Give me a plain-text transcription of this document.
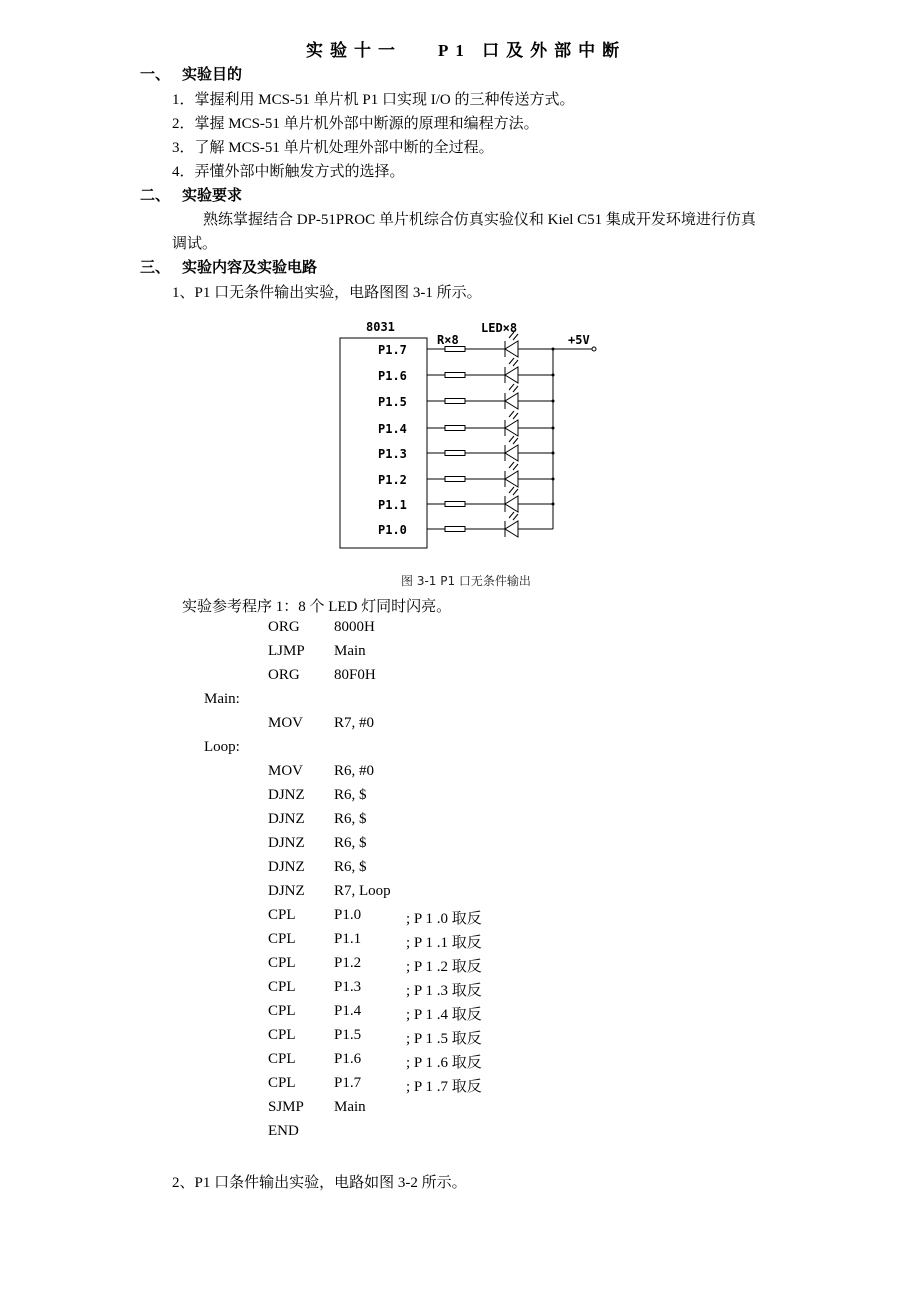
实验十一 P1 口及外部中断
一、 实验目的
1．掌握利用 MCS-51 单片机 P1 口实现 I/O 的三种传送方式。
2．掌握 MCS-51 单片机外部中断源的原理和编程方法。
3．了解 MCS-51 单片机处理外部中断的全过程。
4．弄懂外部中断触发方式的选择。
二、 实验要求
熟练掌握结合 DP-51PROC 单片机综合仿真实验仪和 Kiel C51 集成开发环境进行仿真
调试。
三、 实验内容及实验电路
1、P1 口无条件输出实验，电路图图 3-1 所示。
8031
R×8
LED×8
+5V
P1.7
P1.6
P1.5
P1.4
P1.3
P1.2
P1.1
P1.0
图 3-1 P1 口无条件输出
实验参考程序 1：8 个 LED 灯同时闪亮。
ORG 8000H
LJMP Main
ORG 80F0H
Main:
MOV R7, #0
Loop:
MOV R6, #0
DJNZ R6, $
DJNZ R6, $
DJNZ R6, $
DJNZ R6, $
DJNZ R7, Loop
CPL	P1.0	; P 1 .0 取反
CPL	P1.1	; P 1 .1 取反
CPL	P1.2	; P 1 .2 取反
CPL	P1.3	; P 1 .3 取反
CPL	P1.4	; P 1 .4 取反
CPL	P1.5	; P 1 .5 取反
CPL	P1.6	; P 1 .6 取反
CPL	P1.7	; P 1 .7 取反
SJMP Main
END
2、P1 口条件输出实验，电路如图 3-2 所示。
